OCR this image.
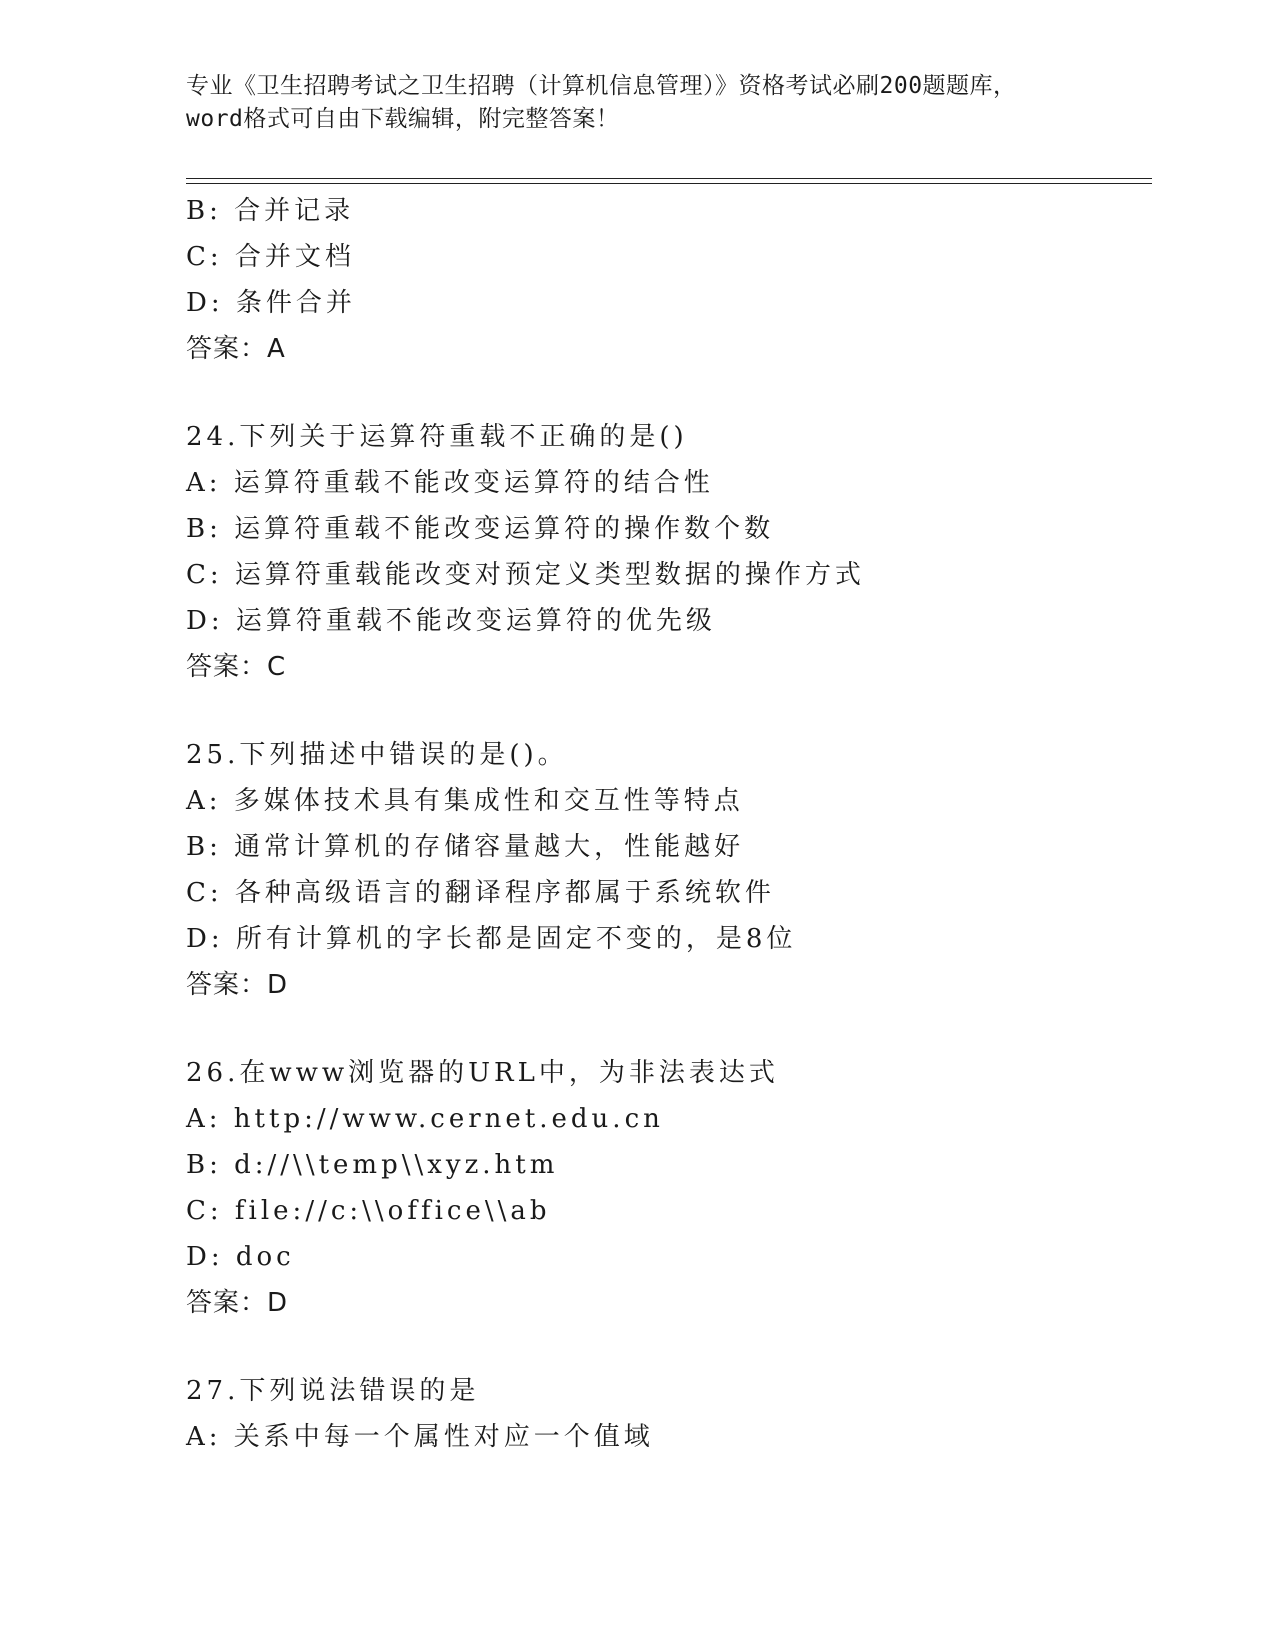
专业《卫生招聘考试之卫生招聘（计算机信息管理）》资格考试必刷200题题库，
word格式可自由下载编辑，附完整答案！
B: 合并记录
C: 合并文档
D: 条件合并
答案：A
24.下列关于运算符重载不正确的是()
A: 运算符重载不能改变运算符的结合性
B: 运算符重载不能改变运算符的操作数个数
C: 运算符重载能改变对预定义类型数据的操作方式
D: 运算符重载不能改变运算符的优先级
答案：C
25.下列描述中错误的是()。
A: 多媒体技术具有集成性和交互性等特点
B: 通常计算机的存储容量越大，性能越好
C: 各种高级语言的翻译程序都属于系统软件
D: 所有计算机的字长都是固定不变的，是8位
答案：D
26.在www浏览器的URL中，为非法表达式
A: http://www.cernet.edu.cn
B: d://\\temp\\xyz.htm
C: file://c:\\office\\ab
D: doc
答案：D
27.下列说法错误的是
A: 关系中每一个属性对应一个值域
